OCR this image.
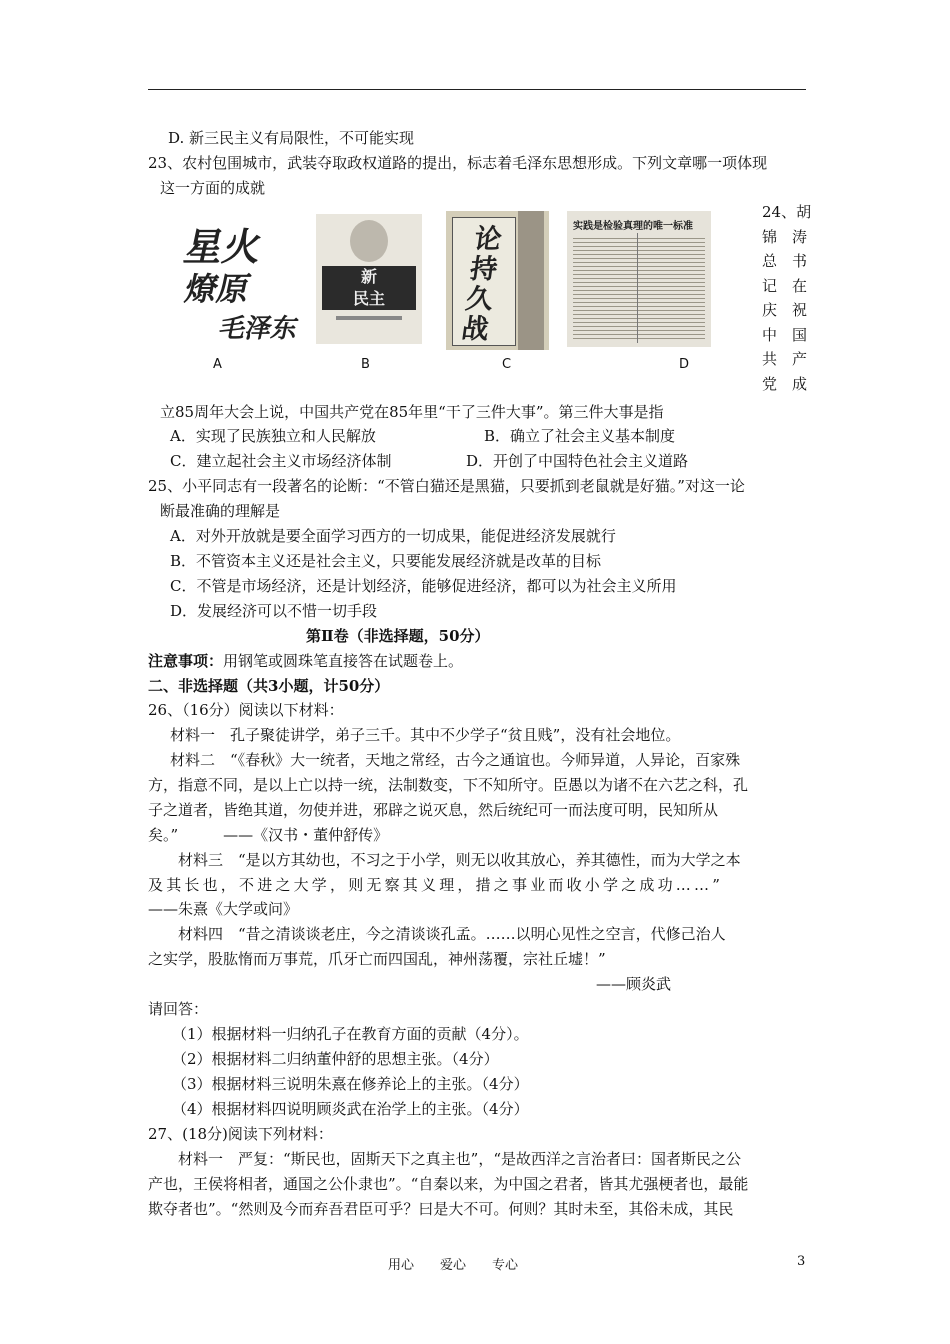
D. 新三民主义有局限性，不可能实现
23、农村包围城市，武装夺取政权道路的提出，标志着毛泽东思想形成。下列文章哪一项体现
这一方面的成就
星火
燎原
毛泽东
新
民主
论持久战
实践是检验真理的唯一标准
A	B	C	D
24、胡
锦　涛
总　书
记　在
庆　祝
中　国
共　产
党　成
立85周年大会上说，中国共产党在85年里“干了三件大事”。第三件大事是指
A．实现了民族独立和人民解放	B．确立了社会主义基本制度
C．建立起社会主义市场经济体制	D．开创了中国特色社会主义道路
25、小平同志有一段著名的论断：“不管白猫还是黑猫，只要抓到老鼠就是好猫。”对这一论
断最准确的理解是
A．对外开放就是要全面学习西方的一切成果，能促进经济发展就行
B．不管资本主义还是社会主义，只要能发展经济就是改革的目标
C．不管是市场经济，还是计划经济，能够促进经济，都可以为社会主义所用
D．发展经济可以不惜一切手段
第Ⅱ卷（非选择题，50分）
注意事项：用钢笔或圆珠笔直接答在试题卷上。
二、非选择题（共3小题，计50分）
26、（16分）阅读以下材料：
材料一　孔子聚徒讲学，弟子三千。其中不少学子“贫且贱”，没有社会地位。
材料二　“《春秋》大一统者，天地之常经，古今之通谊也。今师异道，人异论，百家殊
方，指意不同，是以上亡以持一统，法制数变，下不知所守。臣愚以为诸不在六艺之科，孔
子之道者，皆绝其道，勿使并进，邪辟之说灭息，然后统纪可一而法度可明，民知所从
矣。”　　　——《汉书・董仲舒传》
材料三　“是以方其幼也，不习之于小学，则无以收其放心，养其德性，而为大学之本
及其长也，不进之大学，则无察其义理，措之事业而收小学之成功……”
——朱熹《大学或问》
材料四　“昔之清谈谈老庄，今之清谈谈孔孟。……以明心见性之空言，代修己治人
之实学，股肱惰而万事荒，爪牙亡而四国乱，神州荡覆，宗社丘墟！”
——顾炎武
请回答：
（1）根据材料一归纳孔子在教育方面的贡献（4分）。
（2）根据材料二归纳董仲舒的思想主张。（4分）
（3）根据材料三说明朱熹在修养论上的主张。（4分）
（4）根据材料四说明顾炎武在治学上的主张。（4分）
27、(18分)阅读下列材料：
材料一　严复：“斯民也，固斯天下之真主也”，“是故西洋之言治者曰：国者斯民之公
产也，王侯将相者，通国之公仆隶也”。“自秦以来，为中国之君者，皆其尤强梗者也，最能
欺夺者也”。“然则及今而弃吾君臣可乎？曰是大不可。何则？其时未至，其俗未成，其民
用心　　爱心　　专心	3
